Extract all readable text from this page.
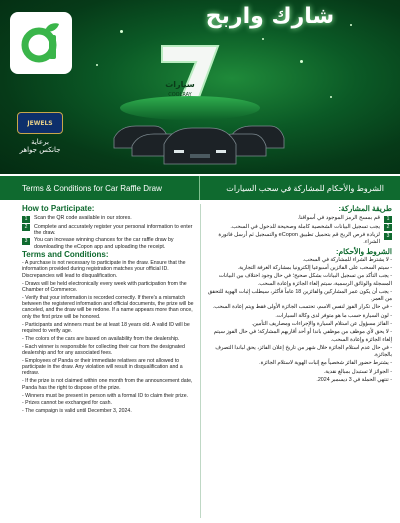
شارك واربح
سيارات
COOLRAY
JEWELS
برعاية
جانكس جواهر
Terms & Conditions for Car Raffle Draw	الشروط والأحكام للمشاركة في سحب السيارات
How to Participate:
1	Scan the QR code available in our stores.
2	Complete and accurately register your personal information to enter the draw.
3	You can increase winning chances for the car raffle draw by downloading the eCopon app and uploading the receipt.
Terms and Conditions:
- A purchase is not necessary to participate in the draw. Ensure that the information provided during registration matches your official ID. Discrepancies will lead to disqualification.
- Draws will be held electronically every week with participation from the Chamber of Commerce.
- Verify that your information is recorded correctly. If there's a mismatch between the registered information and official documents, the prize will be canceled, and the draw will be redone. If a name appears more than once, only the first prize will be honored.
- Participants and winners must be at least 18 years old. A valid ID will be required to verify age.
- The colors of the cars are based on availability from the dealership.
- Each winner is responsible for collecting their car from the designated dealership and for any associated fees.
- Employees of Panda or their immediate relatives are not allowed to participate in the draw. Any violation will result in disqualification and a redraw.
- If the prize is not claimed within one month from the announcement date, Panda has the right to dispose of the prize.
- Winners must be present in person with a formal ID to claim their prize.
- Prizes cannot be exchanged for cash.
- The campaign is valid until December 3, 2024.
طريقة المشاركة:
1
قم بمسح الرمز الموجود في أسواقنا.
2
يجب تسجيل البيانات الشخصية كاملة وصحيحة للدخول في السحب.
3
لزيادة فرص الربح قم بتحميل تطبيق eCopon والتسجيل ثم أرسل فاتورة الشراء.
الشروط والأحكام:
- لا يشترط الشراء للمشاركة في السحب.
- سيتم السحب على الفائزين أسبوعيا إلكترونيا بمشاركة الغرفة التجارية.
- يجب التأكد من تسجيل البيانات بشكل صحيح؛ في حال وجود اختلاف بين البيانات المسجلة والوثائق الرسمية، سيتم إلغاء الجائزة وإعادة السحب.
- يجب أن يكون عمر المشاركين والفائزين 18 عاماً فأكثر، سيطلب إثبات الهوية للتحقق من العمر.
- في حال تكرار الفوز لنفس الاسم، تحتسب الجائزة الأولى فقط ويتم إعادة السحب.
- لون السيارة حسب ما هو متوفر لدى وكالة السيارات.
- الفائز مسؤول عن استلام السيارة والإجراءات ومصاريف التأمين.
- لا يحق لأي موظف من موظفي باندا أو أحد أقاربهم المشاركة؛ في حال الفوز سيتم إلغاء الجائزة وإعادة السحب.
- في حال عدم استلام الجائزة خلال شهر من تاريخ إعلان الفائز، يحق لباندا التصرف بالجائزة.
- يشترط حضور الفائز شخصياً مع إثبات الهوية لاستلام الجائزة.
- الجوائز لا تستبدل بمبالغ نقدية.
- تنتهي الحملة في 3 ديسمبر 2024.
